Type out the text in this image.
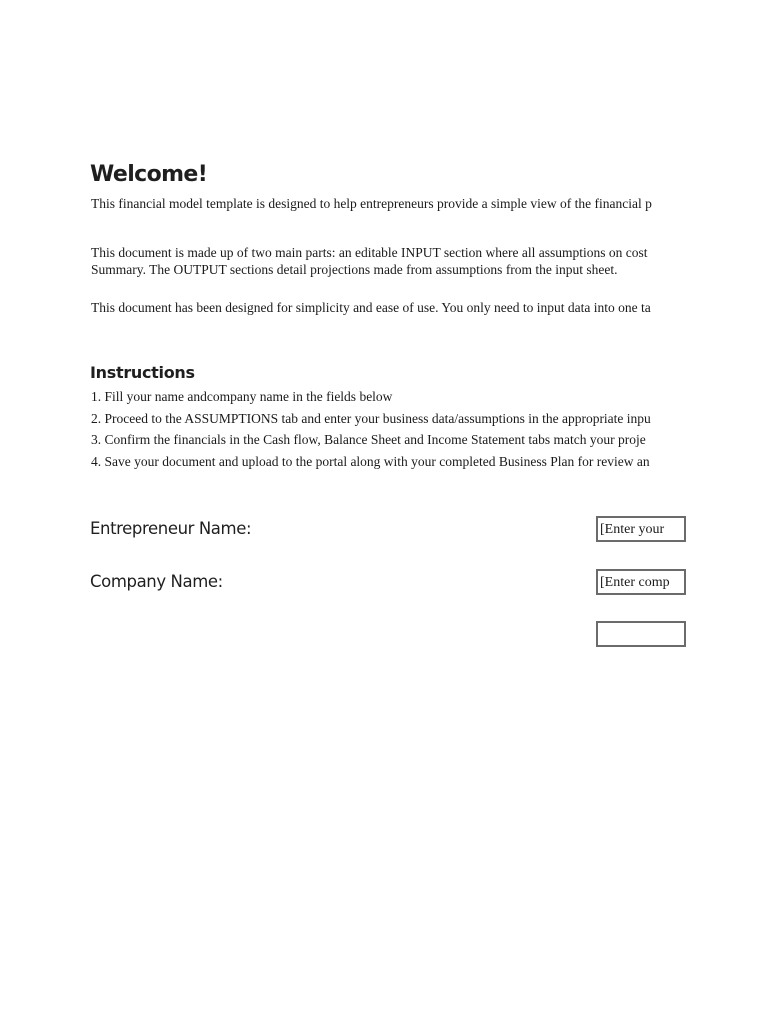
Welcome!

This financial model template is designed to help entrepreneurs provide a simple view of the financial p

This document is made up of two main parts: an editable INPUT section where all assumptions on cost

Summary. The OUTPUT sections detail projections made from assumptions from the input sheet.

This document has been designed for simplicity and ease of use. You only need to input data into one ta

Instructions

1. Fill your name andcompany name in the fields below

2. Proceed to the ASSUMPTIONS tab and enter your business data/assumptions in the appropriate inpu

3. Confirm the financials in the Cash flow, Balance Sheet and Income Statement tabs match your proje

4. Save your document and upload to the portal along with your completed Business Plan for review an

Entrepreneur Name:	[Enter your
Company Name:	[Enter comp
